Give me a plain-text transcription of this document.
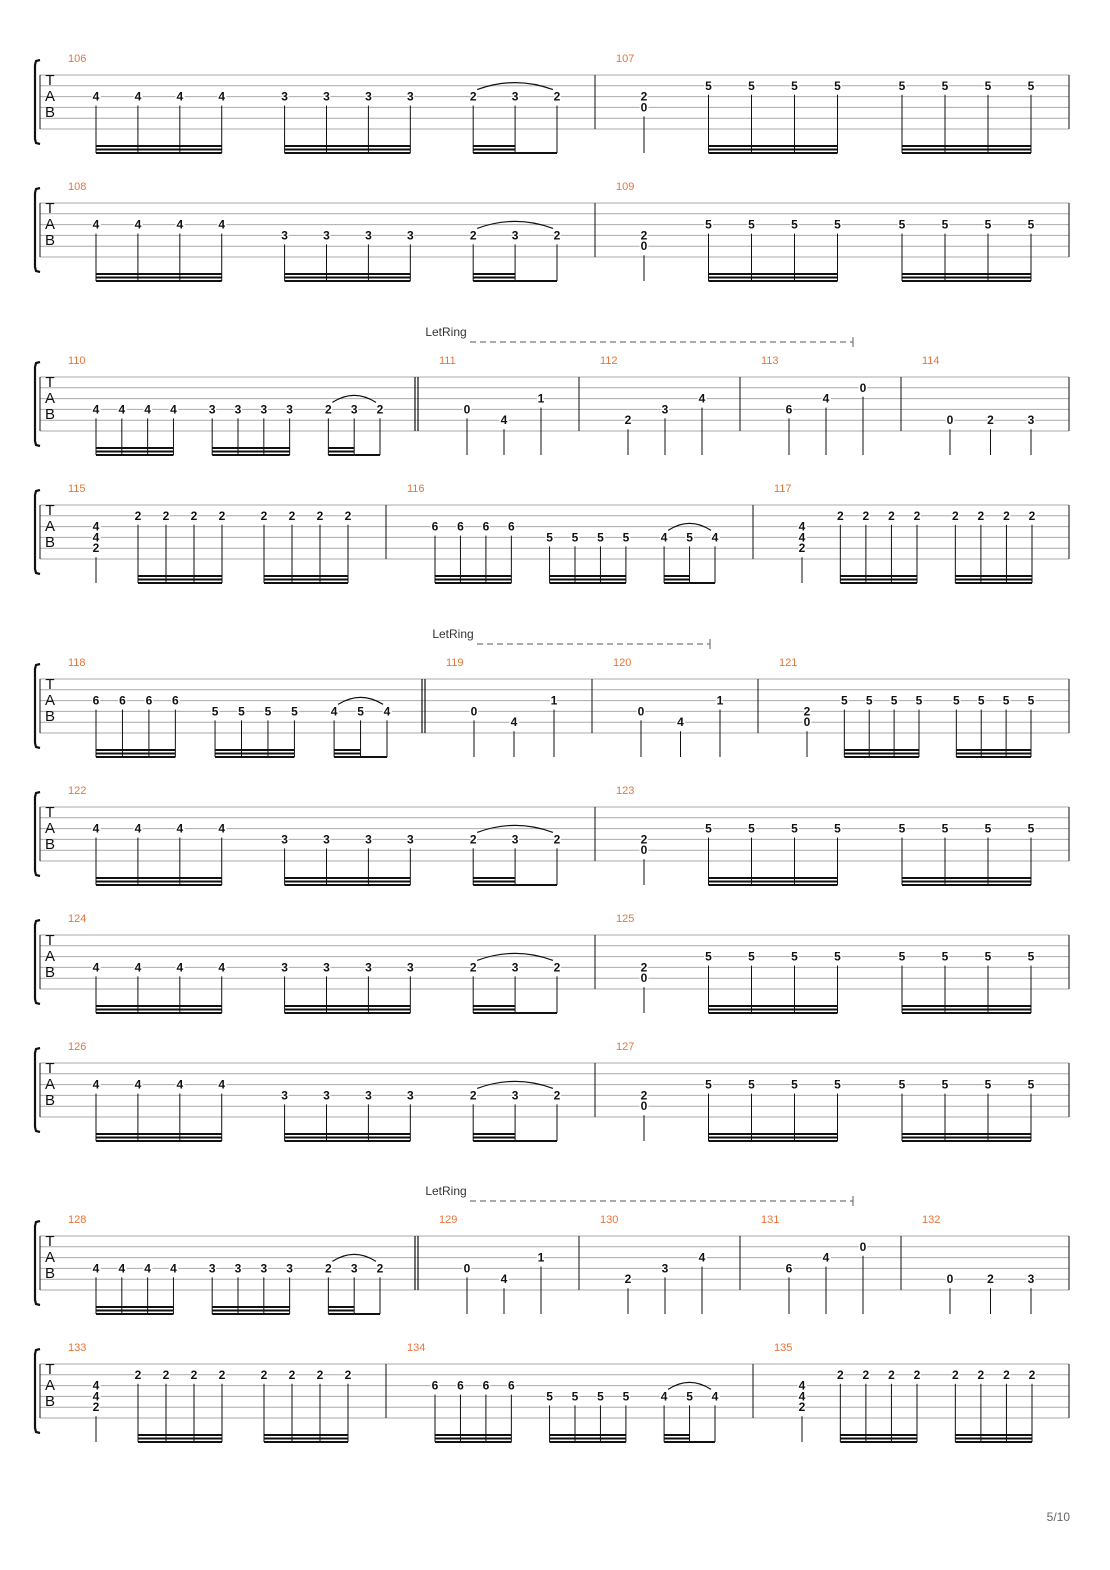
T
A
B
106
4	4	4	4	3	3	3	3	2	3	2
107
2
0
5	5	5	5	5	5	5	5
T
A
B
108
4	4	4	4
3	3	3	3	2	3	2
109
2
0
5	5	5	5	5	5	5	5
T
A
B
110
4 4 4 4	3 3 3 3	2 3 2
111
0
4
1
112
2
3
4
113
6
4
0
114
0	2	3
LetRing
T
A
B
115
4
4
2
2 2 2 2	2 2 2 2
116
6 6 6 6
5 5 5 5	4 5 4
117
4
4
2
2 2 2 2	2 2 2 2
T
A
B
118
6 6 6 6
5 5 5 5	4 5 4
119
0
4
1
120
0
4
1
121
2
0
5 5 5 5	5 5 5 5
LetRing
T
A
B
122
4	4	4	4
3	3	3	3	2	3	2
123
2
0
5	5	5	5	5	5	5	5
T
A
B
124
4	4	4	4	3	3	3	3	2	3	2
125
2
0
5	5	5	5	5	5	5	5
T
A
B
126
4	4	4	4
3	3	3	3	2	3	2
127
2
0
5	5	5	5	5	5	5	5
T
A
B
128
4 4 4 4	3 3 3 3	2 3 2
129
0
4
1
130
2
3
4
131
6
4
0
132
0	2	3
LetRing
T
A
B
133
4
4
2
2 2 2 2	2 2 2 2
134
6 6 6 6
5 5 5 5	4 5 4
135
4
4
2
2 2 2 2	2 2 2 2
5/10
